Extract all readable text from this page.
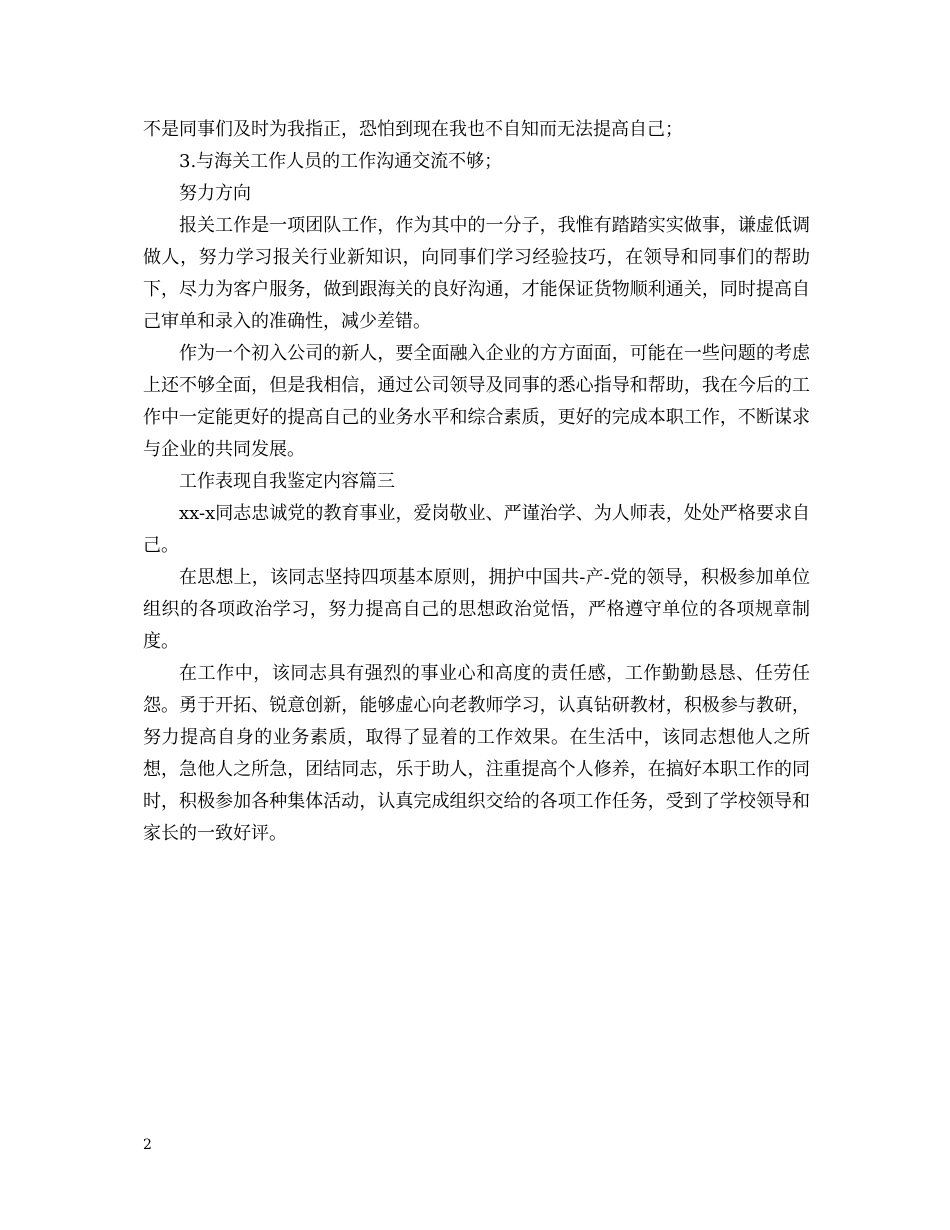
不是同事们及时为我指正，恐怕到现在我也不自知而无法提高自己；

3.与海关工作人员的工作沟通交流不够；

努力方向

报关工作是一项团队工作，作为其中的一分子，我惟有踏踏实实做事，谦虚低调做人，努力学习报关行业新知识，向同事们学习经验技巧，在领导和同事们的帮助下，尽力为客户服务，做到跟海关的良好沟通，才能保证货物顺利通关，同时提高自己审单和录入的准确性，减少差错。

作为一个初入公司的新人，要全面融入企业的方方面面，可能在一些问题的考虑上还不够全面，但是我相信，通过公司领导及同事的悉心指导和帮助，我在今后的工作中一定能更好的提高自己的业务水平和综合素质，更好的完成本职工作，不断谋求与企业的共同发展。

工作表现自我鉴定内容篇三

xx-x同志忠诚党的教育事业，爱岗敬业、严谨治学、为人师表，处处严格要求自己。

在思想上，该同志坚持四项基本原则，拥护中国共-产-党的领导，积极参加单位组织的各项政治学习，努力提高自己的思想政治觉悟，严格遵守单位的各项规章制度。

在工作中，该同志具有强烈的事业心和高度的责任感，工作勤勤恳恳、任劳任怨。勇于开拓、锐意创新，能够虚心向老教师学习，认真钻研教材，积极参与教研，努力提高自身的业务素质，取得了显着的工作效果。在生活中，该同志想他人之所想，急他人之所急，团结同志，乐于助人，注重提高个人修养，在搞好本职工作的同时，积极参加各种集体活动，认真完成组织交给的各项工作任务，受到了学校领导和家长的一致好评。

2
